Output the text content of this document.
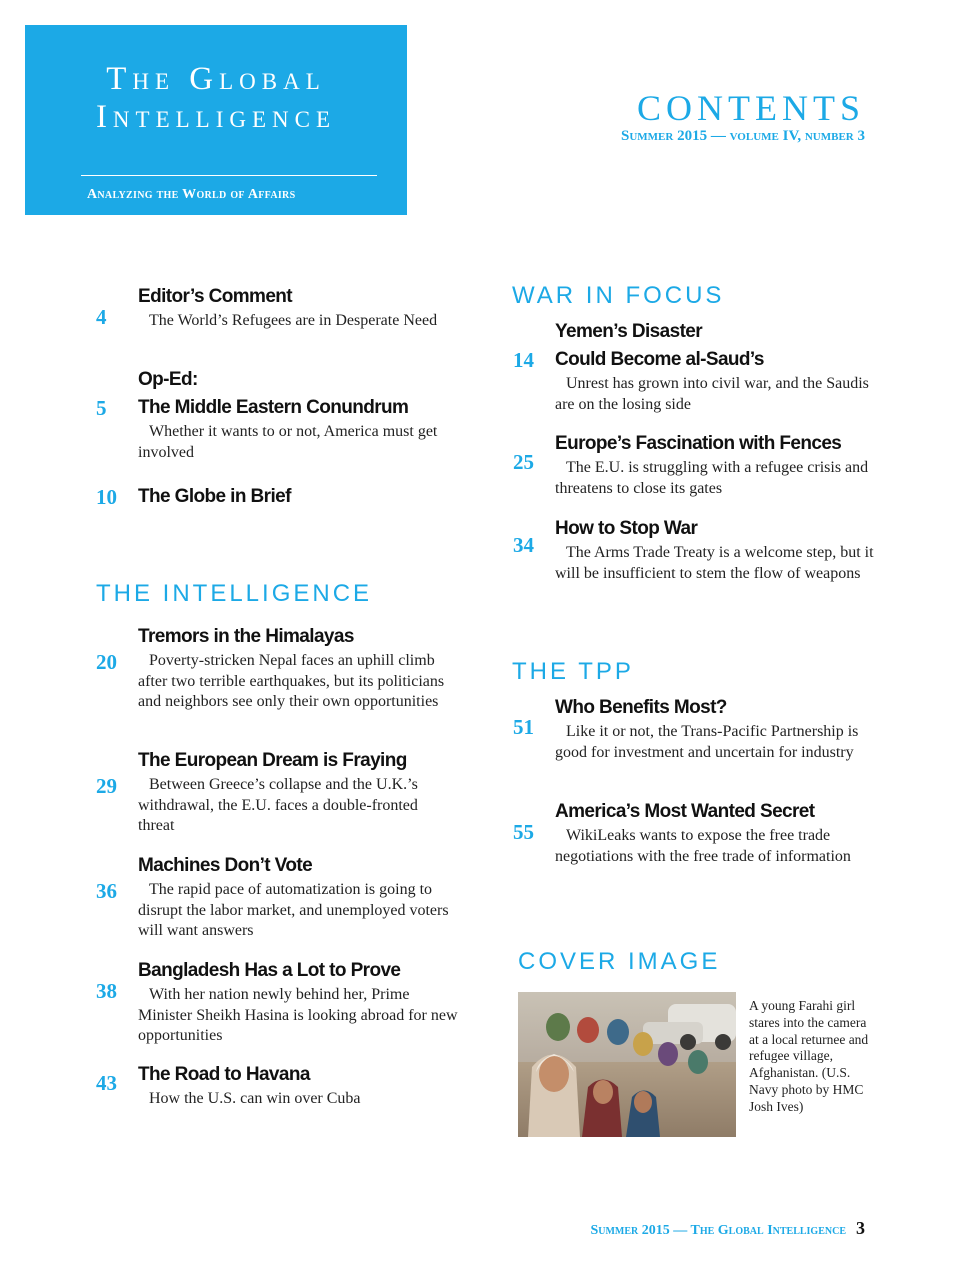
The Global
Intelligence
Analyzing the World of Affairs
CONTENTS
Summer 2015 — volume IV, number 3
4
Editor’s Comment
The World’s Refugees are in Desperate Need
5
Op-Ed:
The Middle Eastern Conundrum
Whether it wants to or not, America must get involved
10	The Globe in Brief
THE INTELLIGENCE
20
Tremors in the Himalayas
Poverty-stricken Nepal faces an uphill climb after two terrible earthquakes, but its politicians and neighbors see only their own opportunities
29
The European Dream is Fraying
Between Greece’s collapse and the U.K.’s withdrawal, the E.U. faces a double-fronted threat
36
Machines Don’t Vote
The rapid pace of automatization is going to disrupt the labor market, and unemployed voters will want answers
38
Bangladesh Has a Lot to Prove
With her nation newly behind her, Prime Minister Sheikh Hasina is looking abroad for new opportunities
43	The Road to Havana
How the U.S. can win over Cuba
WAR IN FOCUS
14
Yemen’s Disaster
Could Become al-Saud’s
Unrest has grown into civil war, and the Saudis are on the losing side
25
Europe’s Fascination with Fences
The E.U. is struggling with a refugee crisis and threatens to close its gates
34
How to Stop War
The Arms Trade Treaty is a welcome step, but it will be insufficient to stem the flow of weapons
THE TPP
51
Who Benefits Most?
Like it or not, the Trans-Pacific Partnership is good for investment and uncertain for industry
55
America’s Most Wanted Secret
WikiLeaks wants to expose the free trade negotiations with the free trade of information
COVER IMAGE
A young Farahi girl stares into the camera at a local returnee and refugee village, Afghanistan. (U.S. Navy photo by HMC Josh Ives)
Summer 2015 — The Global Intelligence 3
